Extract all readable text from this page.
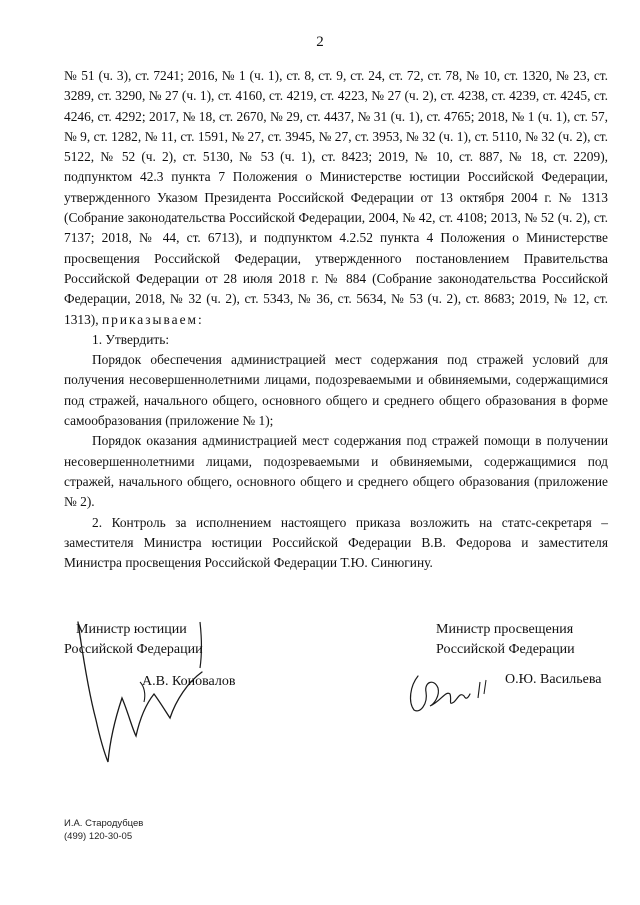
2

№ 51 (ч. 3), ст. 7241; 2016, № 1 (ч. 1), ст. 8, ст. 9, ст. 24, ст. 72, ст. 78, № 10, ст. 1320, № 23, ст. 3289, ст. 3290, № 27 (ч. 1), ст. 4160, ст. 4219, ст. 4223, № 27 (ч. 2), ст. 4238, ст. 4239, ст. 4245, ст. 4246, ст. 4292; 2017, № 18, ст. 2670, № 29, ст. 4437, № 31 (ч. 1), ст. 4765; 2018, № 1 (ч. 1), ст. 57, № 9, ст. 1282, № 11, ст. 1591, № 27, ст. 3945, № 27, ст. 3953, № 32 (ч. 1), ст. 5110, № 32 (ч. 2), ст. 5122, № 52 (ч. 2), ст. 5130, № 53 (ч. 1), ст. 8423; 2019, № 10, ст. 887, № 18, ст. 2209), подпунктом 42.3 пункта 7 Положения о Министерстве юстиции Российской Федерации, утвержденного Указом Президента Российской Федерации от 13 октября 2004 г. № 1313 (Собрание законодательства Российской Федерации, 2004, № 42, ст. 4108; 2013, № 52 (ч. 2), ст. 7137; 2018, № 44, ст. 6713), и подпунктом 4.2.52 пункта 4 Положения о Министерстве просвещения Российской Федерации, утвержденного постановлением Правительства Российской Федерации от 28 июля 2018 г. № 884 (Собрание законодательства Российской Федерации, 2018, № 32 (ч. 2), ст. 5343, № 36, ст. 5634, № 53 (ч. 2), ст. 8683; 2019, № 12, ст. 1313), приказываем:

1. Утвердить:

Порядок обеспечения администрацией мест содержания под стражей условий для получения несовершеннолетними лицами, подозреваемыми и обвиняемыми, содержащимися под стражей, начального общего, основного общего и среднего общего образования в форме самообразования (приложение № 1);

Порядок оказания администрацией мест содержания под стражей помощи в получении несовершеннолетними лицами, подозреваемыми и обвиняемыми, содержащимися под стражей, начального общего, основного общего и среднего общего образования (приложение № 2).

2. Контроль за исполнением настоящего приказа возложить на статс-секретаря – заместителя Министра юстиции Российской Федерации В.В. Федорова и заместителя Министра просвещения Российской Федерации Т.Ю. Синюгину.

Министр юстиции
Российской Федерации
А.В. Коновалов
Министр просвещения
Российской Федерации
О.Ю. Васильева
И.А. Стародубцев
(499) 120-30-05
